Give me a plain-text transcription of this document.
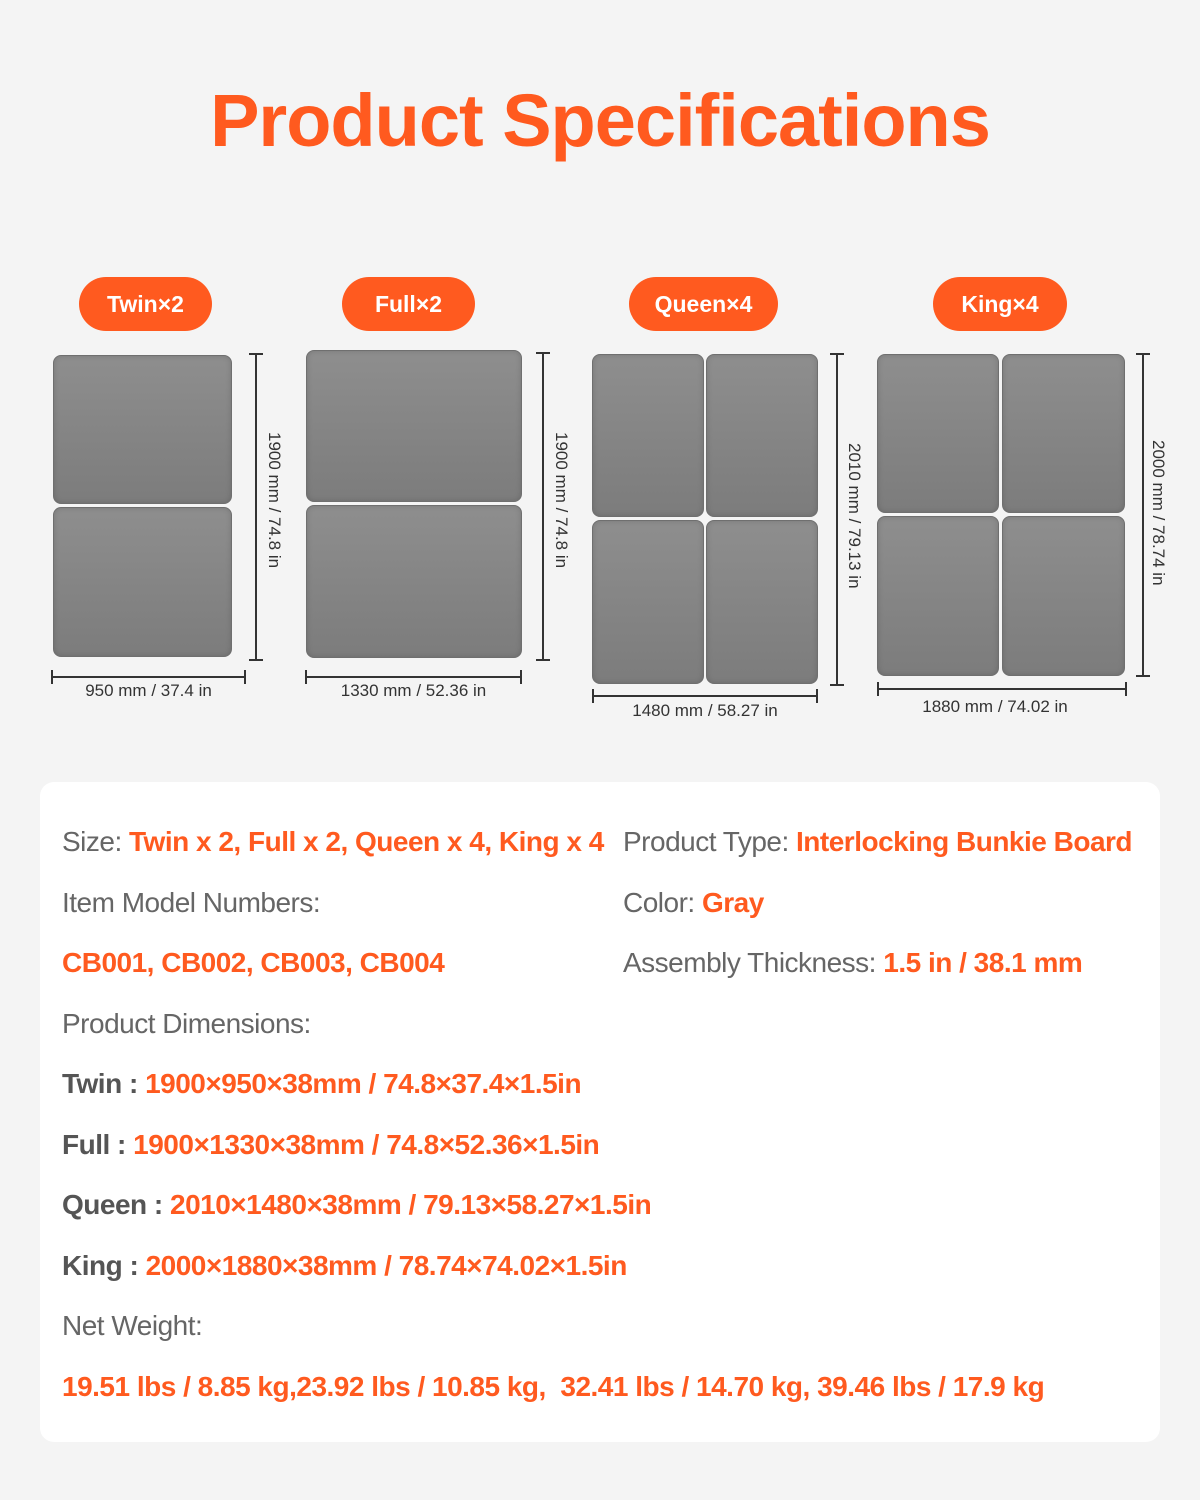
Product Specifications
Twin×2
1900 mm / 74.8 in
950 mm / 37.4 in
Full×2
1900 mm / 74.8 in
1330 mm / 52.36 in
Queen×4
2010 mm / 79.13 in
1480 mm / 58.27 in
King×4
2000 mm / 78.74 in
1880 mm / 74.02 in
Size: Twin x 2, Full x 2, Queen x 4, King x 4 Product Type: Interlocking Bunkie Board
Item Model Numbers:	Color: Gray
CB001, CB002, CB003, CB004	Assembly Thickness: 1.5 in / 38.1 mm
Product Dimensions:
Twin : 1900×950×38mm / 74.8×37.4×1.5in
Full : 1900×1330×38mm / 74.8×52.36×1.5in
Queen : 2010×1480×38mm / 79.13×58.27×1.5in
King : 2000×1880×38mm / 78.74×74.02×1.5in
Net Weight:
19.51 lbs / 8.85 kg,23.92 lbs / 10.85 kg,  32.41 lbs / 14.70 kg, 39.46 lbs / 17.9 kg
